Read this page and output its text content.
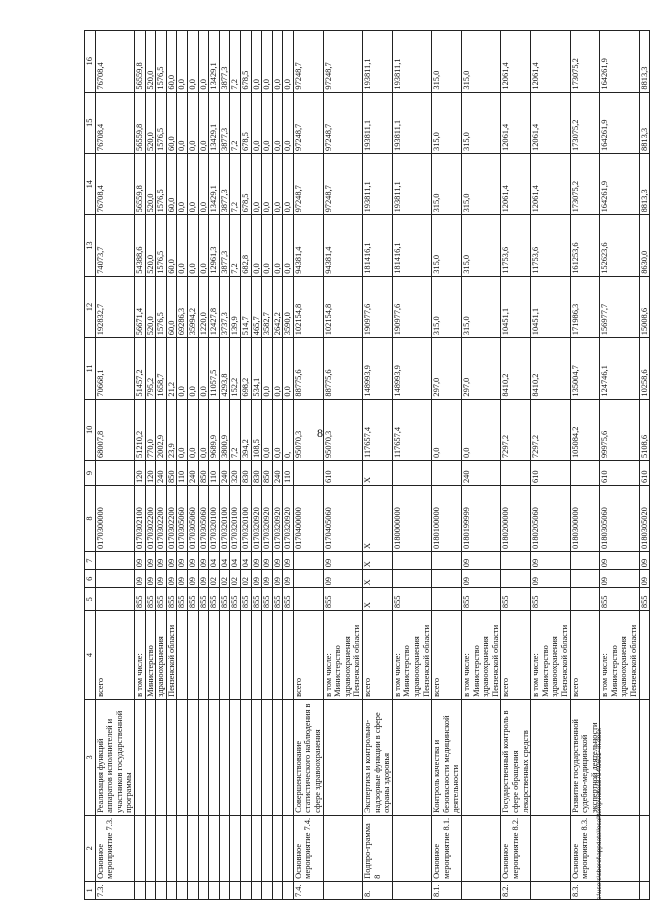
8
1	2	3	4	5	6	7	8	9	10	11	12	13	14	15	16
7.3.	Основное мероприятие 7.3.	Реализация функций аппаратов исполнителей и участников государственной программы	всего				0170300000		68007,8	70668,1	192832,7	74073,7	76708,4	76708,4	76708,4
			в том числе:	855	09	09	0170302100	120	51210,2	51457,2	56671,4	54388,6	56559,8	56559,8	56559,8
			Министерство	855	09	09	0170302200	120	770,0	795,2	520,0	520,0	520,0	520,0	520,0
			здравоохранения	855	09	09	0170302200	240	2002,9	1658,7	1576,5	1576,5	1576,5	1576,5	1576,5
			Пензенской области	855	09	09	0170302200	850	23,9	21,2	60,0	60,0	60,0	60,0	60,0
				855	09	09	0170305060	110	0,0	0,0	69286,3	0,0	0,0	0,0	0,0
				855	09	09	0170305060	240	0,0	0,0	35994,2	0,0	0,0	0,0	0,0
				855	09	09	0170305060	850	0,0	0,0	1220,0	0,0	0,0	0,0	0,0
				855	02	04	0170320100	110	9689,9	11057,5	12427,8	12961,3	13429,1	13429,1	13429,1
				855	02	04	0170320100	240	3800,9	4293,8	3737,3	3877,3	3877,3	3877,3	3877,3
				855	02	04	0170320100	320	7,2	152,2	139,9	7,2	7,2	7,2	7,2
				855	02	04	0170320100	830	394,2	698,2	514,7	682,8	678,5	678,5	678,5
				855	09	09	0170320920	830	108,5	534,1	465,7	0,0	0,0	0,0	0,0
				855	09	09	0170320920	850	0,0	0,0	3582,7	0,0	0,0	0,0	0,0
				855	09	09	0170320920	240	0,0	0,0	2642,2	0,0	0,0	0,0	0,0
				855	09	09	0170320920	110	0,	0,0	3590,0	0,0	0,0	0,0	0,0
7.4.	Основное мероприятие 7.4.	Совершенствование статистического наблюдения в сфере здравоохранения	всего				0170400000		95070,3	88775,6	102154,8	94381,4	97248,7	97248,7	97248,7
			в том числе: Министерство здравоохранения Пензенской области	855	09	09	0170405060	610	95070,3	88775,6	102154,8	94381,4	97248,7	97248,7	97248,7
8.	Подпро-грамма 8	Экспертиза и контрольно-надзорные функции в сфере охраны здоровья	всего	X	X	X	X	X	117657,4	148993,9	190977,6	181416,1	193811,1	193811,1	193811,1
			в том числе: Министерство здравоохранения Пензенской области	855			0180000000		117657,4	148993,9	190977,6	181416,1	193811,1	193811,1	193811,1
8.1.	Основное мероприятие 8.1.	Контроль качества и безопасности медицинской деятельности	всего				0180100000		0,0	297,0	315,0	315,0	315,0	315,0	315,0
			в том числе: Министерство здравоохранения Пензенской области	855	09	09	0180199999	240	0,0	297,0	315,0	315,0	315,0	315,0	315,0
8.2.	Основное мероприятие 8.2.	Государственный контроль в сфере обращения лекарственных средств	всего	855			0180200000		7297,2	8410,2	10451,1	11753,6	12061,4	12061,4	12061,4
			в том числе: Министерство здравоохранения Пензенской области	855	09	09	0180205060	610	7297,2	8410,2	10451,1	11753,6	12061,4	12061,4	12061,4
8.3.	Основное мероприятие 8.3.	Развитие государственной судебно-медицинской экспертной деятельности	всего				0180300000		105084,2	135004,7	171986,3	161253,6	173075,2	173075,2	173075,2
			в том числе: Министерство здравоохранения Пензенской области	855	09	09	0180305060	610	99975,6	124746,1	156977,7	152623,6	164261,9	164261,9	164261,9
				855	09	09	0180305020	610	5108,6	10258,6	15008,6	8630,0	8813,3	8813,3	8813,3
c:\users\sborol\appdata\local\temp\notes8794\0601~in.docx
